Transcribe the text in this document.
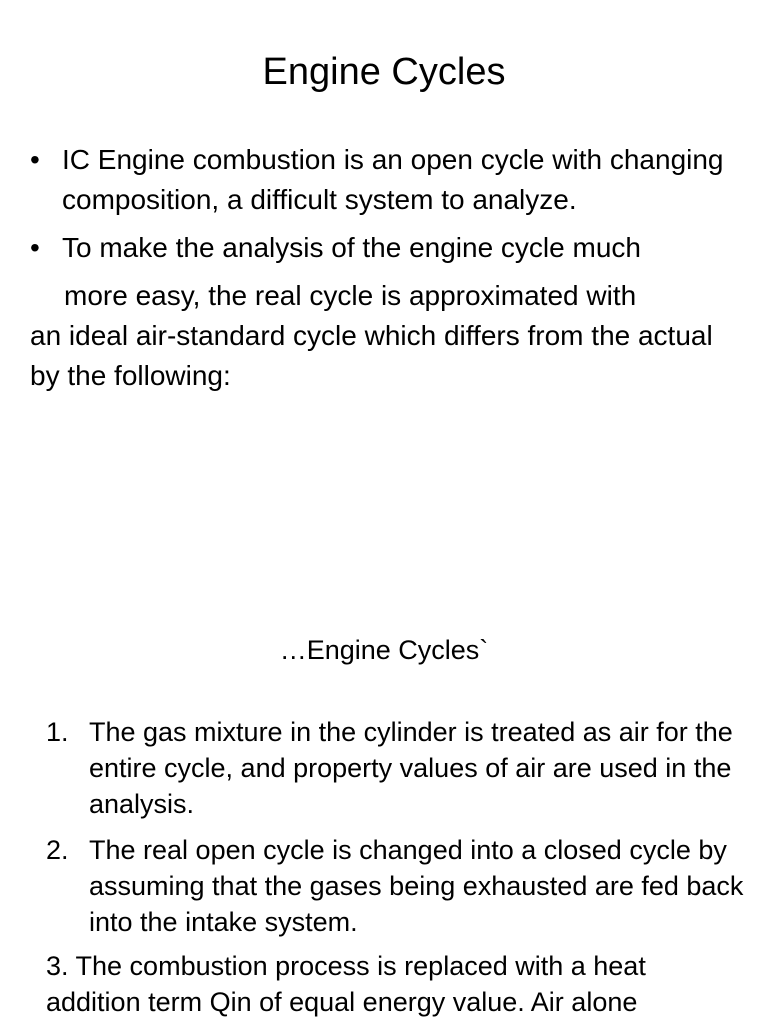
Engine Cycles
• IC Engine combustion is an open cycle with changing composition, a difficult system to analyze.
• To make the analysis of the engine cycle much
more easy, the real cycle is approximated with
an ideal air-standard cycle which differs from the actual by the following:
…Engine Cycles`
1. The gas mixture in the cylinder is treated as air for the entire cycle, and property values of air are used in the analysis.
2. The real open cycle is changed into a closed cycle by assuming that the gases being exhausted are fed back into the intake system.
3. The combustion process is replaced with a heat addition term Qin of equal energy value. Air alone
